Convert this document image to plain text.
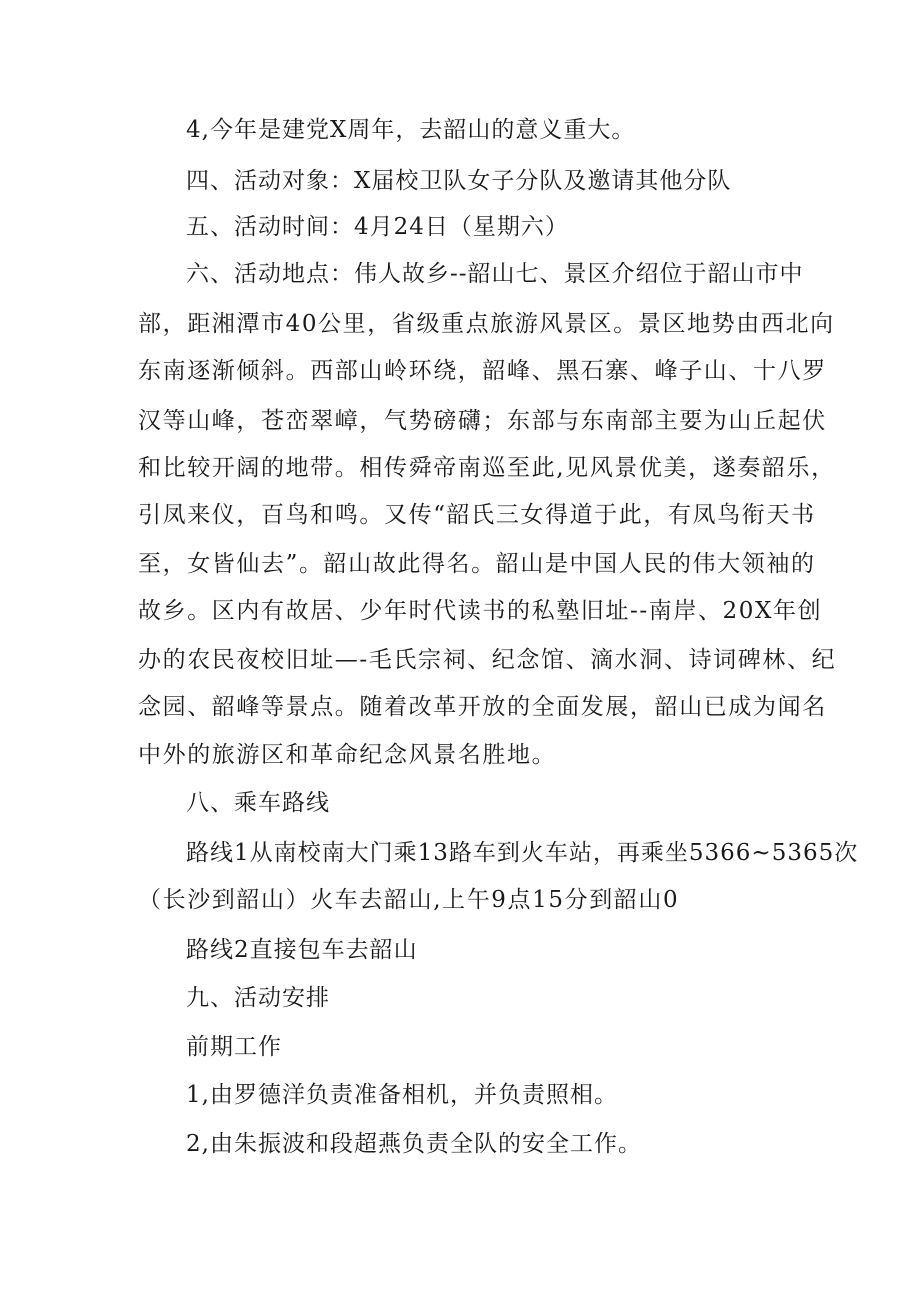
4,今年是建党X周年，去韶山的意义重大。

四、活动对象：X届校卫队女子分队及邀请其他分队

五、活动时间：4月24日（星期六）

六、活动地点：伟人故乡--韶山七、景区介绍位于韶山市中

部，距湘潭市40公里，省级重点旅游风景区。景区地势由西北向

东南逐渐倾斜。西部山岭环绕，韶峰、黑石寨、峰子山、十八罗

汉等山峰，苍峦翠嶂，气势磅礴；东部与东南部主要为山丘起伏

和比较开阔的地带。相传舜帝南巡至此,见风景优美，遂奏韶乐，

引凤来仪，百鸟和鸣。又传“韶氏三女得道于此，有凤鸟衔天书

至，女皆仙去”。韶山故此得名。韶山是中国人民的伟大领袖的

故乡。区内有故居、少年时代读书的私塾旧址--南岸、20X年创

办的农民夜校旧址—-毛氏宗祠、纪念馆、滴水洞、诗词碑林、纪

念园、韶峰等景点。随着改革开放的全面发展，韶山已成为闻名

中外的旅游区和革命纪念风景名胜地。

八、乘车路线

路线1从南校南大门乘13路车到火车站，再乘坐5366~5365次

（长沙到韶山）火车去韶山,上午9点15分到韶山0

路线2直接包车去韶山

九、活动安排

前期工作

1,由罗德洋负责准备相机，并负责照相。

2,由朱振波和段超燕负责全队的安全工作。
